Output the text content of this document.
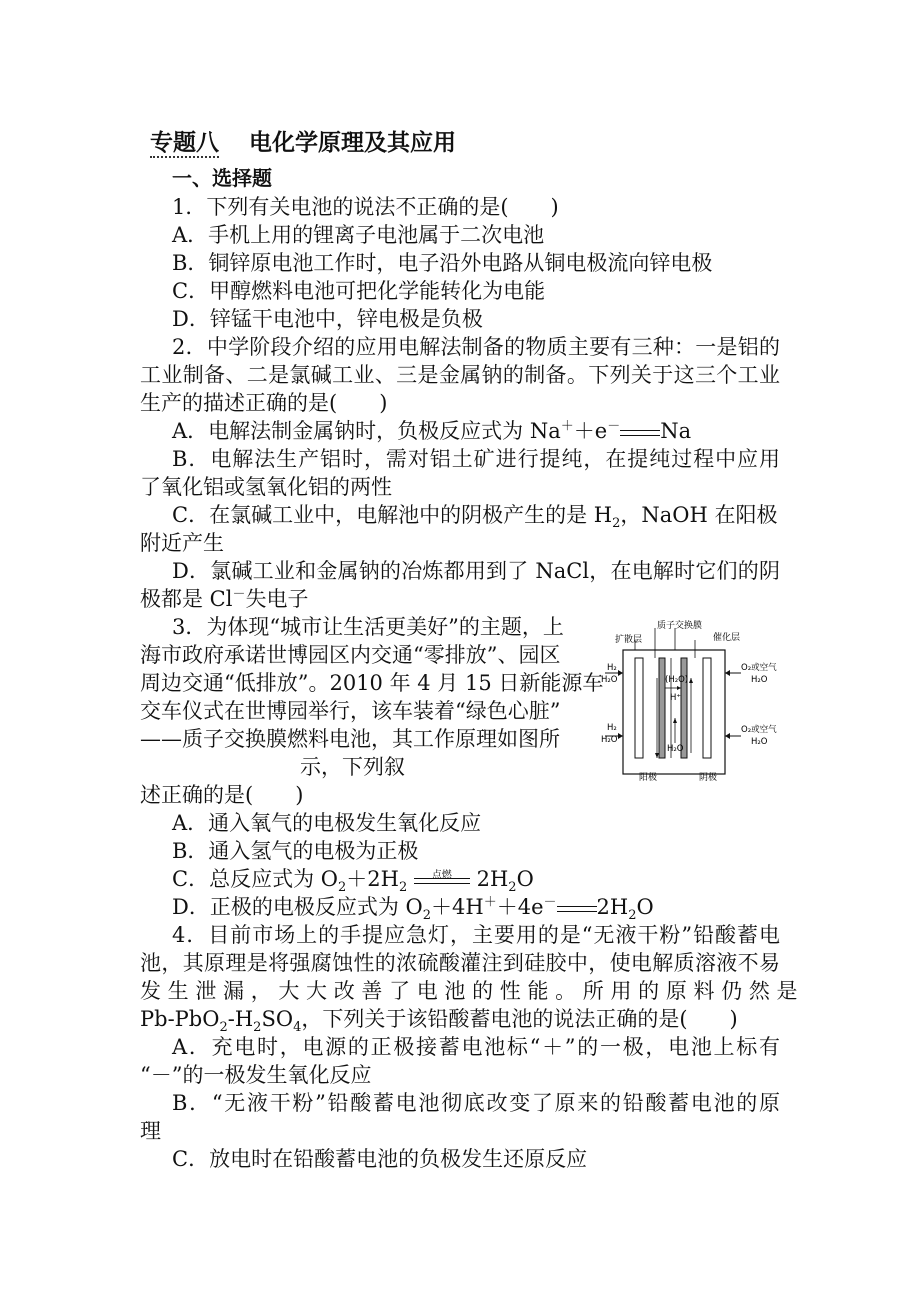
专题八 电化学原理及其应用
一、选择题
1．下列有关电池的说法不正确的是(　　)
A．手机上用的锂离子电池属于二次电池
B．铜锌原电池工作时，电子沿外电路从铜电极流向锌电极
C．甲醇燃料电池可把化学能转化为电能
D．锌锰干电池中，锌电极是负极
2．中学阶段介绍的应用电解法制备的物质主要有三种：一是铝的
工业制备、二是氯碱工业、三是金属钠的制备。下列关于这三个工业
生产的描述正确的是(　　)
A．电解法制金属钠时，负极反应式为 Na＋＋e－ Na
B．电解法生产铝时，需对铝土矿进行提纯，在提纯过程中应用
了氧化铝或氢氧化铝的两性
C．在氯碱工业中，电解池中的阴极产生的是 $H_2$，NaOH 在阳极
附近产生
D．氯碱工业和金属钠的冶炼都用到了 NaCl，在电解时它们的阴
极都是 Cl－失电子
3．为体现“城市让生活更美好”的主题，上
海市政府承诺世博园区内交通“零排放”、园区
周边交通“低排放”。2010 年 4 月 15 日新能源车
交车仪式在世博园举行，该车装着“绿色心脏”
——质子交换膜燃料电池，其工作原理如图所
示，下列叙
述正确的是(　　)
扩散层
质子交换膜
催化层
H₂
H₂O	(H₂O)
H⁺
O₂或空气
H₂O
H₂
H₂O
H₂O
O₂或空气
H₂O
阳极	阴极
A．通入氧气的电极发生氧化反应
B．通入氢气的电极为正极
C．总反应式为 $O_2+2H_2$
点燃	$2H_2O$
D．正极的电极反应式为 $O_2+4H^++4e^-$ $2H_2O$
4．目前市场上的手提应急灯，主要用的是“无液干粉”铅酸蓄电
池，其原理是将强腐蚀性的浓硫酸灌注到硅胶中，使电解质溶液不易
发 生 泄 漏 ， 大 大 改 善 了 电 池 的 性 能 。 所 用 的 原 料 仍 然 是
$Pb-PbO_2-H_2SO_4$，下列关于该铅酸蓄电池的说法正确的是(　　)
A．充电时，电源的正极接蓄电池标“＋”的一极，电池上标有
“－”的一极发生氧化反应
B．“无液干粉”铅酸蓄电池彻底改变了原来的铅酸蓄电池的原
理
C．放电时在铅酸蓄电池的负极发生还原反应
